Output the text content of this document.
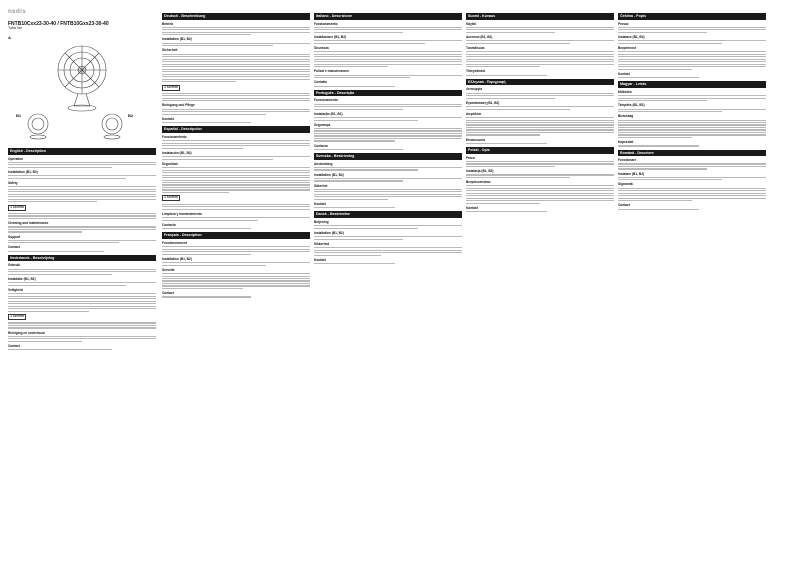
nedis
FNTB10Cxx23-30-40 / FNTB10Gxx23-30-40
Table fan
A
B1	B2
English - Description
Operation
Installation (B1, B2)
Safety
⚠ CAUTION
Cleaning and maintenance
Support
Contact
Nederlands - Beschrijving
Gebruik
Installatie (B1, B2)
Veiligheid
⚠ CAUTION
Reiniging en onderhoud
Contact
Deutsch - Beschreibung
Betrieb
Installation (B1, B2)
Sicherheit
⚠ CAUTION
Reinigung und Pflege
Kontakt
Español - Descripción
Funcionamiento
Instalación (B1, B2)
Seguridad
⚠ CAUTION
Limpieza y mantenimiento
Contacto
Français - Description
Fonctionnement
Installation (B1, B2)
Sécurité
Contact
Italiano - Descrizione
Funzionamento
Installazione (B1, B2)
Sicurezza
Pulizia e manutenzione
Contatto
Português - Descrição
Funcionamento
Instalação (B1, B2)
Segurança
Contacto
Svenska - Beskrivning
Användning
Installation (B1, B2)
Säkerhet
Kontakt
Dansk - Beskrivelse
Betjening
Installation (B1, B2)
Sikkerhed
Kontakt
Suomi - Kuvaus
Käyttö
Asennus (B1, B2)
Turvallisuus
Yhteystiedot
Ελληνικά - Περιγραφή
Λειτουργία
Εγκατάσταση (B1, B2)
Ασφάλεια
Επικοινωνία
Polski - Opis
Praca
Instalacja (B1, B2)
Bezpieczeństwo
Kontakt
Čeština - Popis
Provoz
Instalace (B1, B2)
Bezpečnost
Kontakt
Magyar - Leírás
Működés
Telepítés (B1, B2)
Biztonság
Kapcsolat
Română - Descriere
Funcționare
Instalare (B1, B2)
Siguranță
Contact
